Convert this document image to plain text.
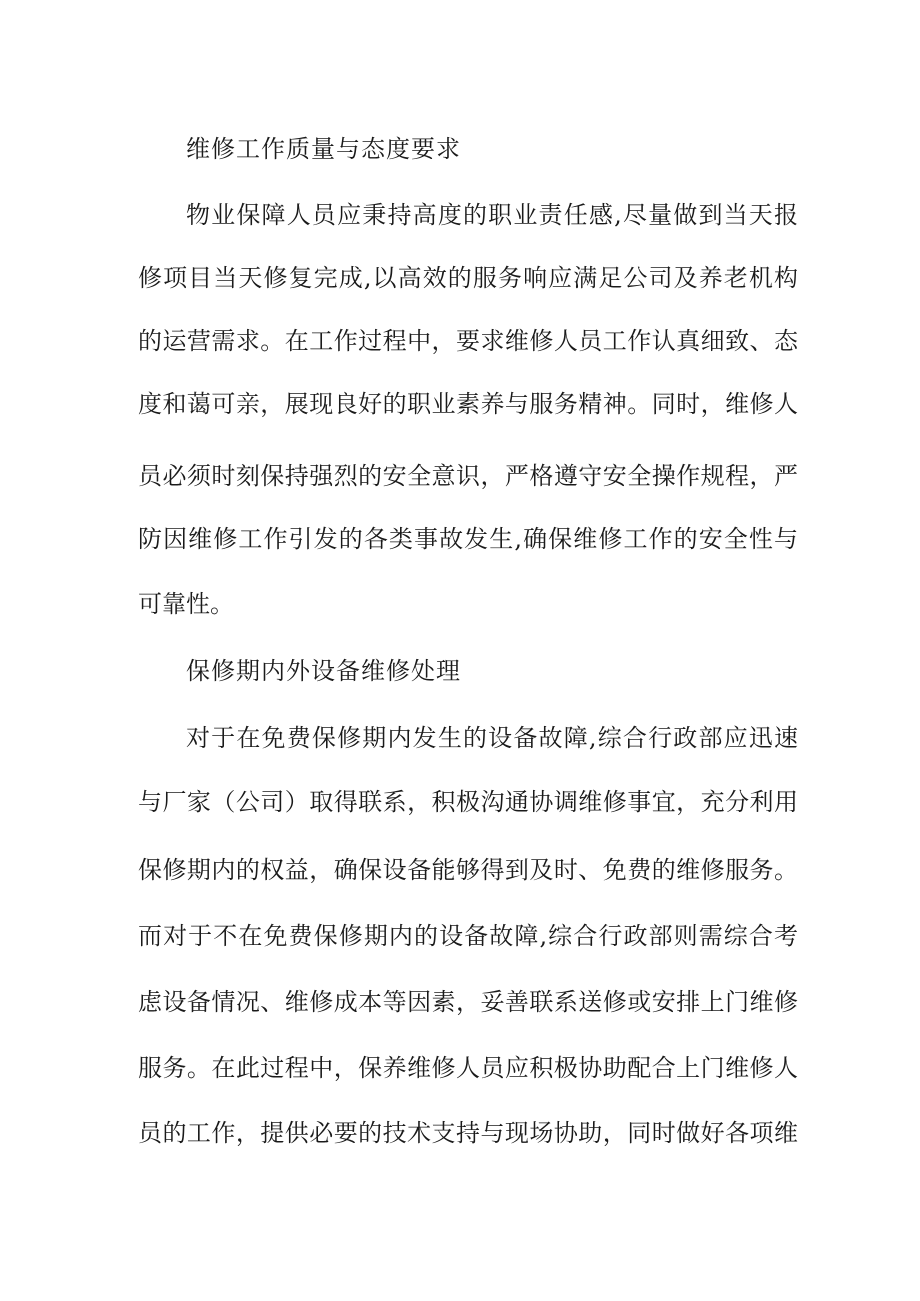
维修工作质量与态度要求
物业保障人员应秉持高度的职业责任感,尽量做到当天报
修项目当天修复完成,以高效的服务响应满足公司及养老机构
的运营需求。在工作过程中，要求维修人员工作认真细致、态
度和蔼可亲，展现良好的职业素养与服务精神。同时，维修人
员必须时刻保持强烈的安全意识，严格遵守安全操作规程，严
防因维修工作引发的各类事故发生,确保维修工作的安全性与
可靠性。
保修期内外设备维修处理
对于在免费保修期内发生的设备故障,综合行政部应迅速
与厂家（公司）取得联系，积极沟通协调维修事宜，充分利用
保修期内的权益，确保设备能够得到及时、免费的维修服务。
而对于不在免费保修期内的设备故障,综合行政部则需综合考
虑设备情况、维修成本等因素，妥善联系送修或安排上门维修
服务。在此过程中，保养维修人员应积极协助配合上门维修人
员的工作，提供必要的技术支持与现场协助，同时做好各项维
